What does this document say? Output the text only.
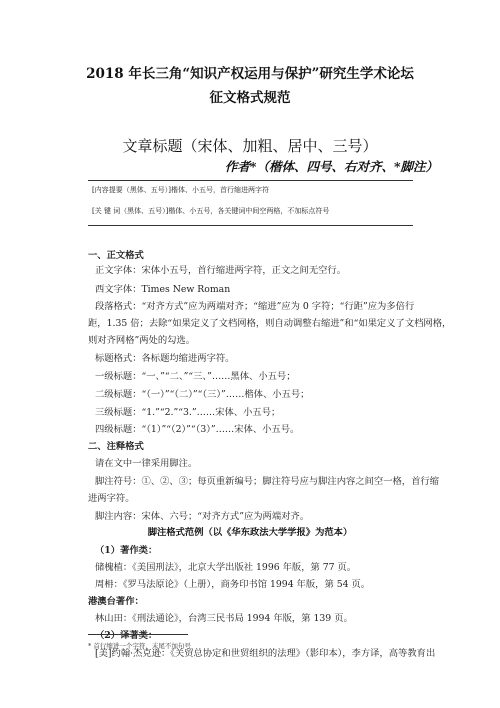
2018 年长三角“知识产权运用与保护”研究生学术论坛
征文格式规范
文章标题（宋体、加粗、居中、三号）
作者*（楷体、四号、右对齐、*脚注）
[内容提要（黑体、五号）]楷体、小五号，首行缩进两字符
[关 键 词（黑体、五号）]楷体、小五号，各关键词中间空两格，不加标点符号
一、正文格式
正文字体：宋体小五号，首行缩进两字符，正文之间无空行。
西文字体：Times New Roman
段落格式：“对齐方式”应为两端对齐；“缩进”应为 0 字符；“行距”应为多倍行
距，1.35 倍；去除“如果定义了文档网格，则自动调整右缩进”和“如果定义了文档网格，
则对齐网格”两处的勾选。
标题格式：各标题均缩进两字符。
一级标题：“一、”“二、”“三、”……黑体、小五号；
二级标题：“（一）”“（二）”“（三）”……楷体、小五号；
三级标题：“1.”“2.”“3.”……宋体、小五号；
四级标题：“（1）”“（2）”“（3）”……宋体、小五号。
二、注释格式
请在文中一律采用脚注。
脚注符号：①、②、③；每页重新编号；脚注符号应与脚注内容之间空一格，首行缩
进两字符。
脚注内容：宋体、六号；“对齐方式”应为两端对齐。
（1）著作类：
储槐植：《美国刑法》，北京大学出版社 1996 年版，第 77 页。
周枏：《罗马法原论》（上册），商务印书馆 1994 年版，第 54 页。
港澳台著作：
林山田：《刑法通论》，台湾三民书局 1994 年版，第 139 页。
（2）译著类：
[美]约翰·杰克逊：《关贸总协定和世贸组织的法理》（影印本），李方译，高等教育出
脚注格式范例（以《华东政法大学学报》为范本）
* 首行缩进一个字符，末尾不加句号
